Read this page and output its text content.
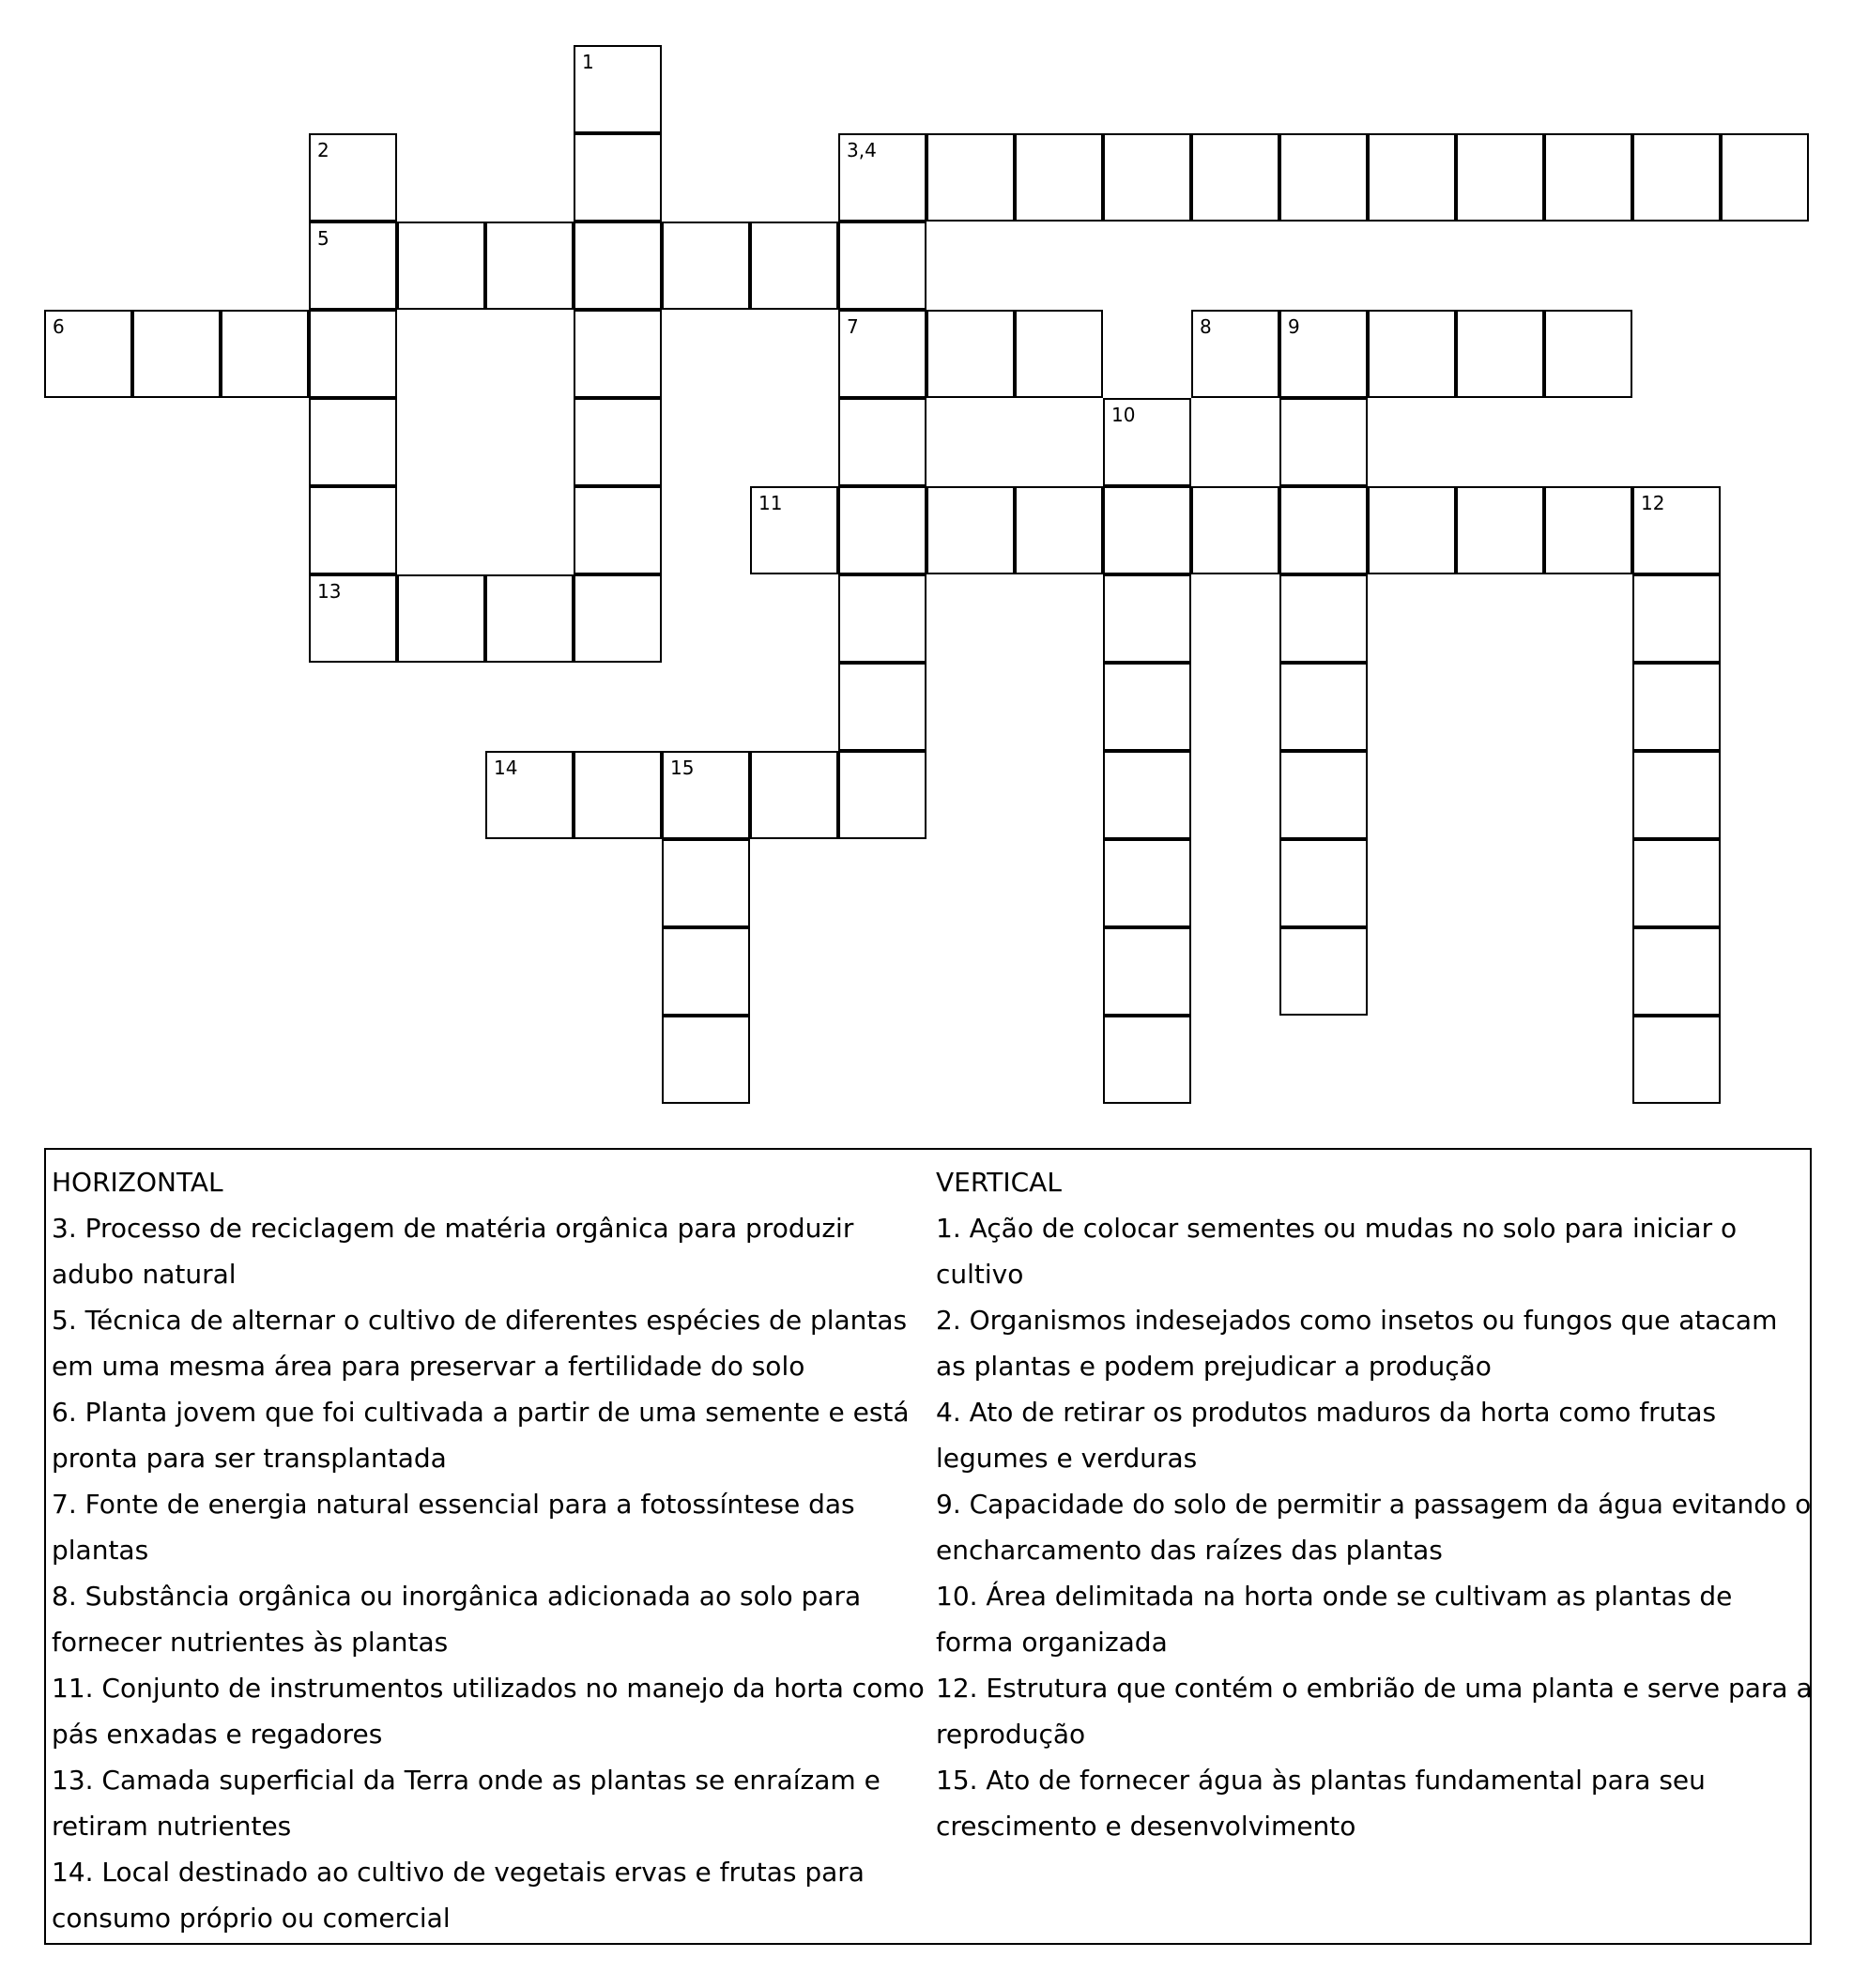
3,4
5
6	7	8	9
11	12
13
14	15
1
2
10
HORIZONTAL
3. Processo de reciclagem de matéria orgânica para produzir adubo natural
5. Técnica de alternar o cultivo de diferentes espécies de plantas em uma mesma área para preservar a fertilidade do solo
6. Planta jovem que foi cultivada a partir de uma semente e está pronta para ser transplantada
7. Fonte de energia natural essencial para a fotossíntese das plantas
8. Substância orgânica ou inorgânica adicionada ao solo para fornecer nutrientes às plantas
11. Conjunto de instrumentos utilizados no manejo da horta como pás enxadas e regadores
13. Camada superficial da Terra onde as plantas se enraízam e retiram nutrientes
14. Local destinado ao cultivo de vegetais ervas e frutas para consumo próprio ou comercial
VERTICAL
1. Ação de colocar sementes ou mudas no solo para iniciar o cultivo
2. Organismos indesejados como insetos ou fungos que atacam as plantas e podem prejudicar a produção
4. Ato de retirar os produtos maduros da horta como frutas legumes e verduras
9. Capacidade do solo de permitir a passagem da água evitando o encharcamento das raízes das plantas
10. Área delimitada na horta onde se cultivam as plantas de forma organizada
12. Estrutura que contém o embrião de uma planta e serve para a reprodução
15. Ato de fornecer água às plantas fundamental para seu crescimento e desenvolvimento
